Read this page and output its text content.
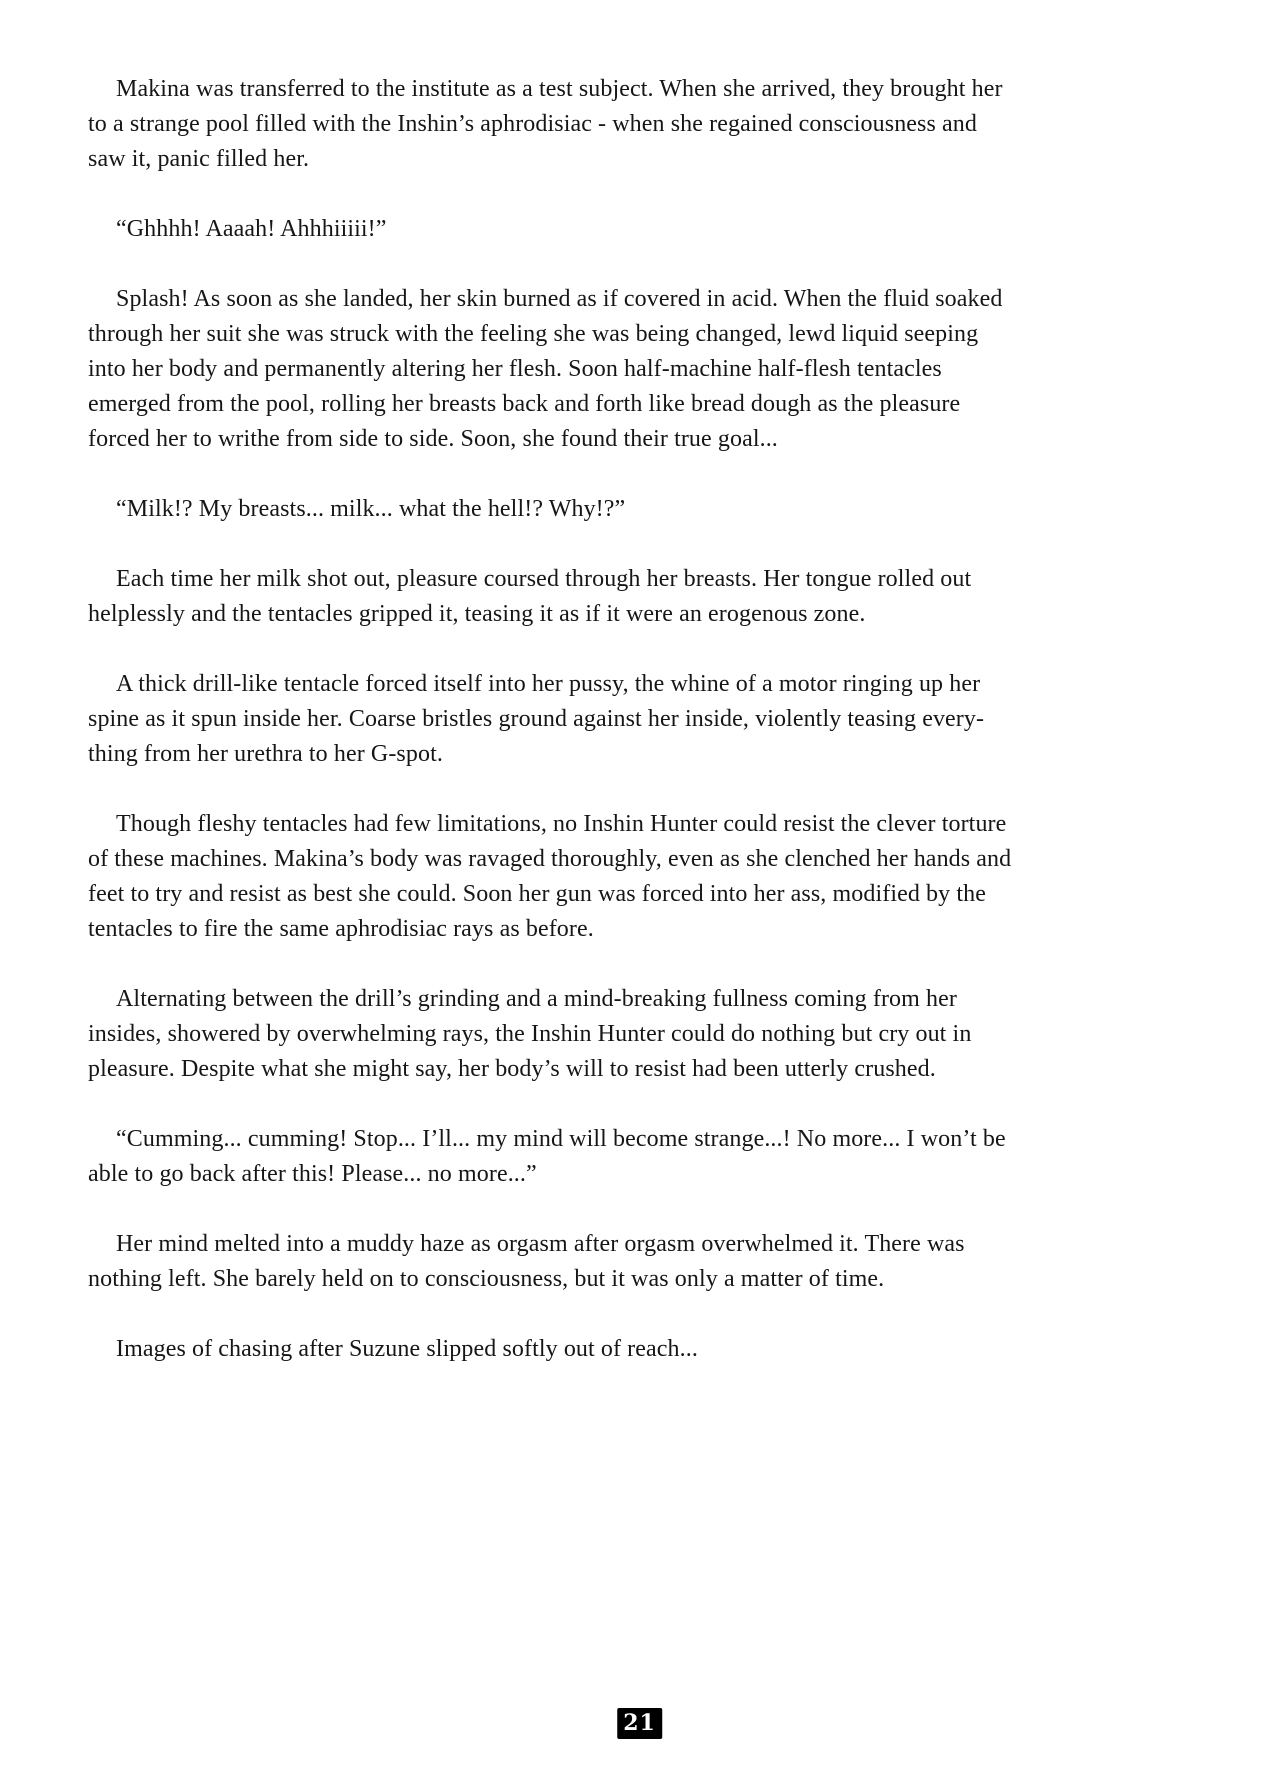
Makina was transferred to the institute as a test subject. When she arrived, they brought her
to a strange pool filled with the Inshin’s aphrodisiac - when she regained consciousness and
saw it, panic filled her.

“Ghhhh! Aaaah! Ahhhiiiii!”

Splash! As soon as she landed, her skin burned as if covered in acid. When the fluid soaked
through her suit she was struck with the feeling she was being changed, lewd liquid seeping
into her body and permanently altering her flesh. Soon half-machine half-flesh tentacles
emerged from the pool, rolling her breasts back and forth like bread dough as the pleasure
forced her to writhe from side to side. Soon, she found their true goal...

“Milk!? My breasts... milk... what the hell!? Why!?”

Each time her milk shot out, pleasure coursed through her breasts. Her tongue rolled out
helplessly and the tentacles gripped it, teasing it as if it were an erogenous zone.

A thick drill-like tentacle forced itself into her pussy, the whine of a motor ringing up her
spine as it spun inside her. Coarse bristles ground against her inside, violently teasing every-
thing from her urethra to her G-spot.

Though fleshy tentacles had few limitations, no Inshin Hunter could resist the clever torture
of these machines. Makina’s body was ravaged thoroughly, even as she clenched her hands and
feet to try and resist as best she could. Soon her gun was forced into her ass, modified by the
tentacles to fire the same aphrodisiac rays as before.

Alternating between the drill’s grinding and a mind-breaking fullness coming from her
insides, showered by overwhelming rays, the Inshin Hunter could do nothing but cry out in
pleasure. Despite what she might say, her body’s will to resist had been utterly crushed.

“Cumming... cumming! Stop... I’ll... my mind will become strange...! No more... I won’t be
able to go back after this! Please... no more...”

Her mind melted into a muddy haze as orgasm after orgasm overwhelmed it. There was
nothing left. She barely held on to consciousness, but it was only a matter of time.

Images of chasing after Suzune slipped softly out of reach...

21
